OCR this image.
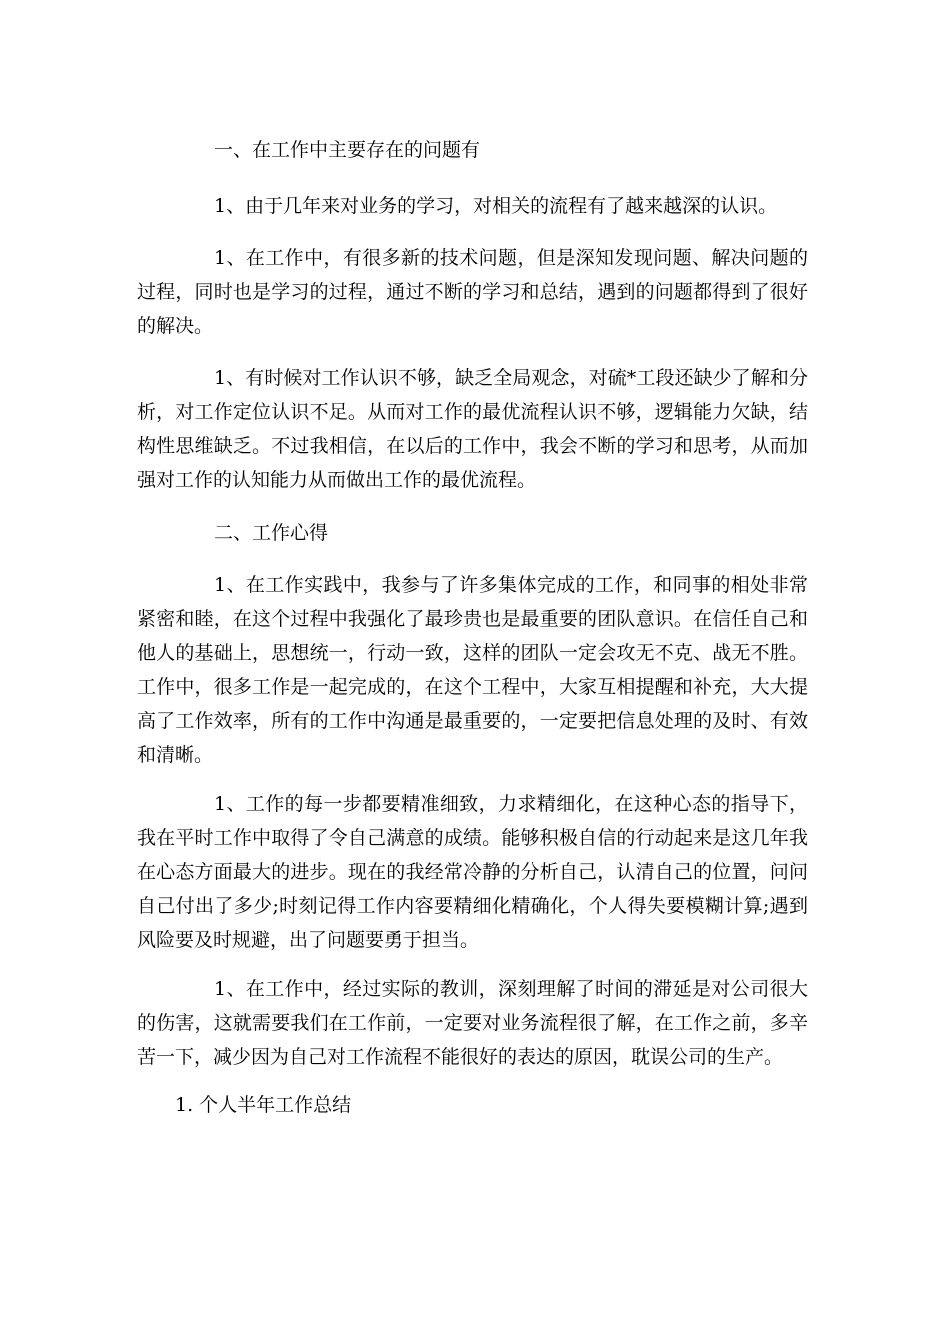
一、在工作中主要存在的问题有
1、由于几年来对业务的学习，对相关的流程有了越来越深的认识。
1、在工作中，有很多新的技术问题，但是深知发现问题、解决问题的过程，同时也是学习的过程，通过不断的学习和总结，遇到的问题都得到了很好的解决。
1、有时候对工作认识不够，缺乏全局观念，对硫*工段还缺少了解和分析，对工作定位认识不足。从而对工作的最优流程认识不够，逻辑能力欠缺，结构性思维缺乏。不过我相信，在以后的工作中，我会不断的学习和思考，从而加强对工作的认知能力从而做出工作的最优流程。
二、工作心得
1、在工作实践中，我参与了许多集体完成的工作，和同事的相处非常紧密和睦，在这个过程中我强化了最珍贵也是最重要的团队意识。在信任自己和他人的基础上，思想统一，行动一致，这样的团队一定会攻无不克、战无不胜。工作中，很多工作是一起完成的，在这个工程中，大家互相提醒和补充，大大提高了工作效率，所有的工作中沟通是最重要的，一定要把信息处理的及时、有效和清晰。
1、工作的每一步都要精准细致，力求精细化，在这种心态的指导下，我在平时工作中取得了令自己满意的成绩。能够积极自信的行动起来是这几年我在心态方面最大的进步。现在的我经常冷静的分析自己，认清自己的位置，问问自己付出了多少;时刻记得工作内容要精细化精确化，个人得失要模糊计算;遇到风险要及时规避，出了问题要勇于担当。
1、在工作中，经过实际的教训，深刻理解了时间的滞延是对公司很大的伤害，这就需要我们在工作前，一定要对业务流程很了解，在工作之前，多辛苦一下，减少因为自己对工作流程不能很好的表达的原因，耽误公司的生产。
1. 个人半年工作总结
